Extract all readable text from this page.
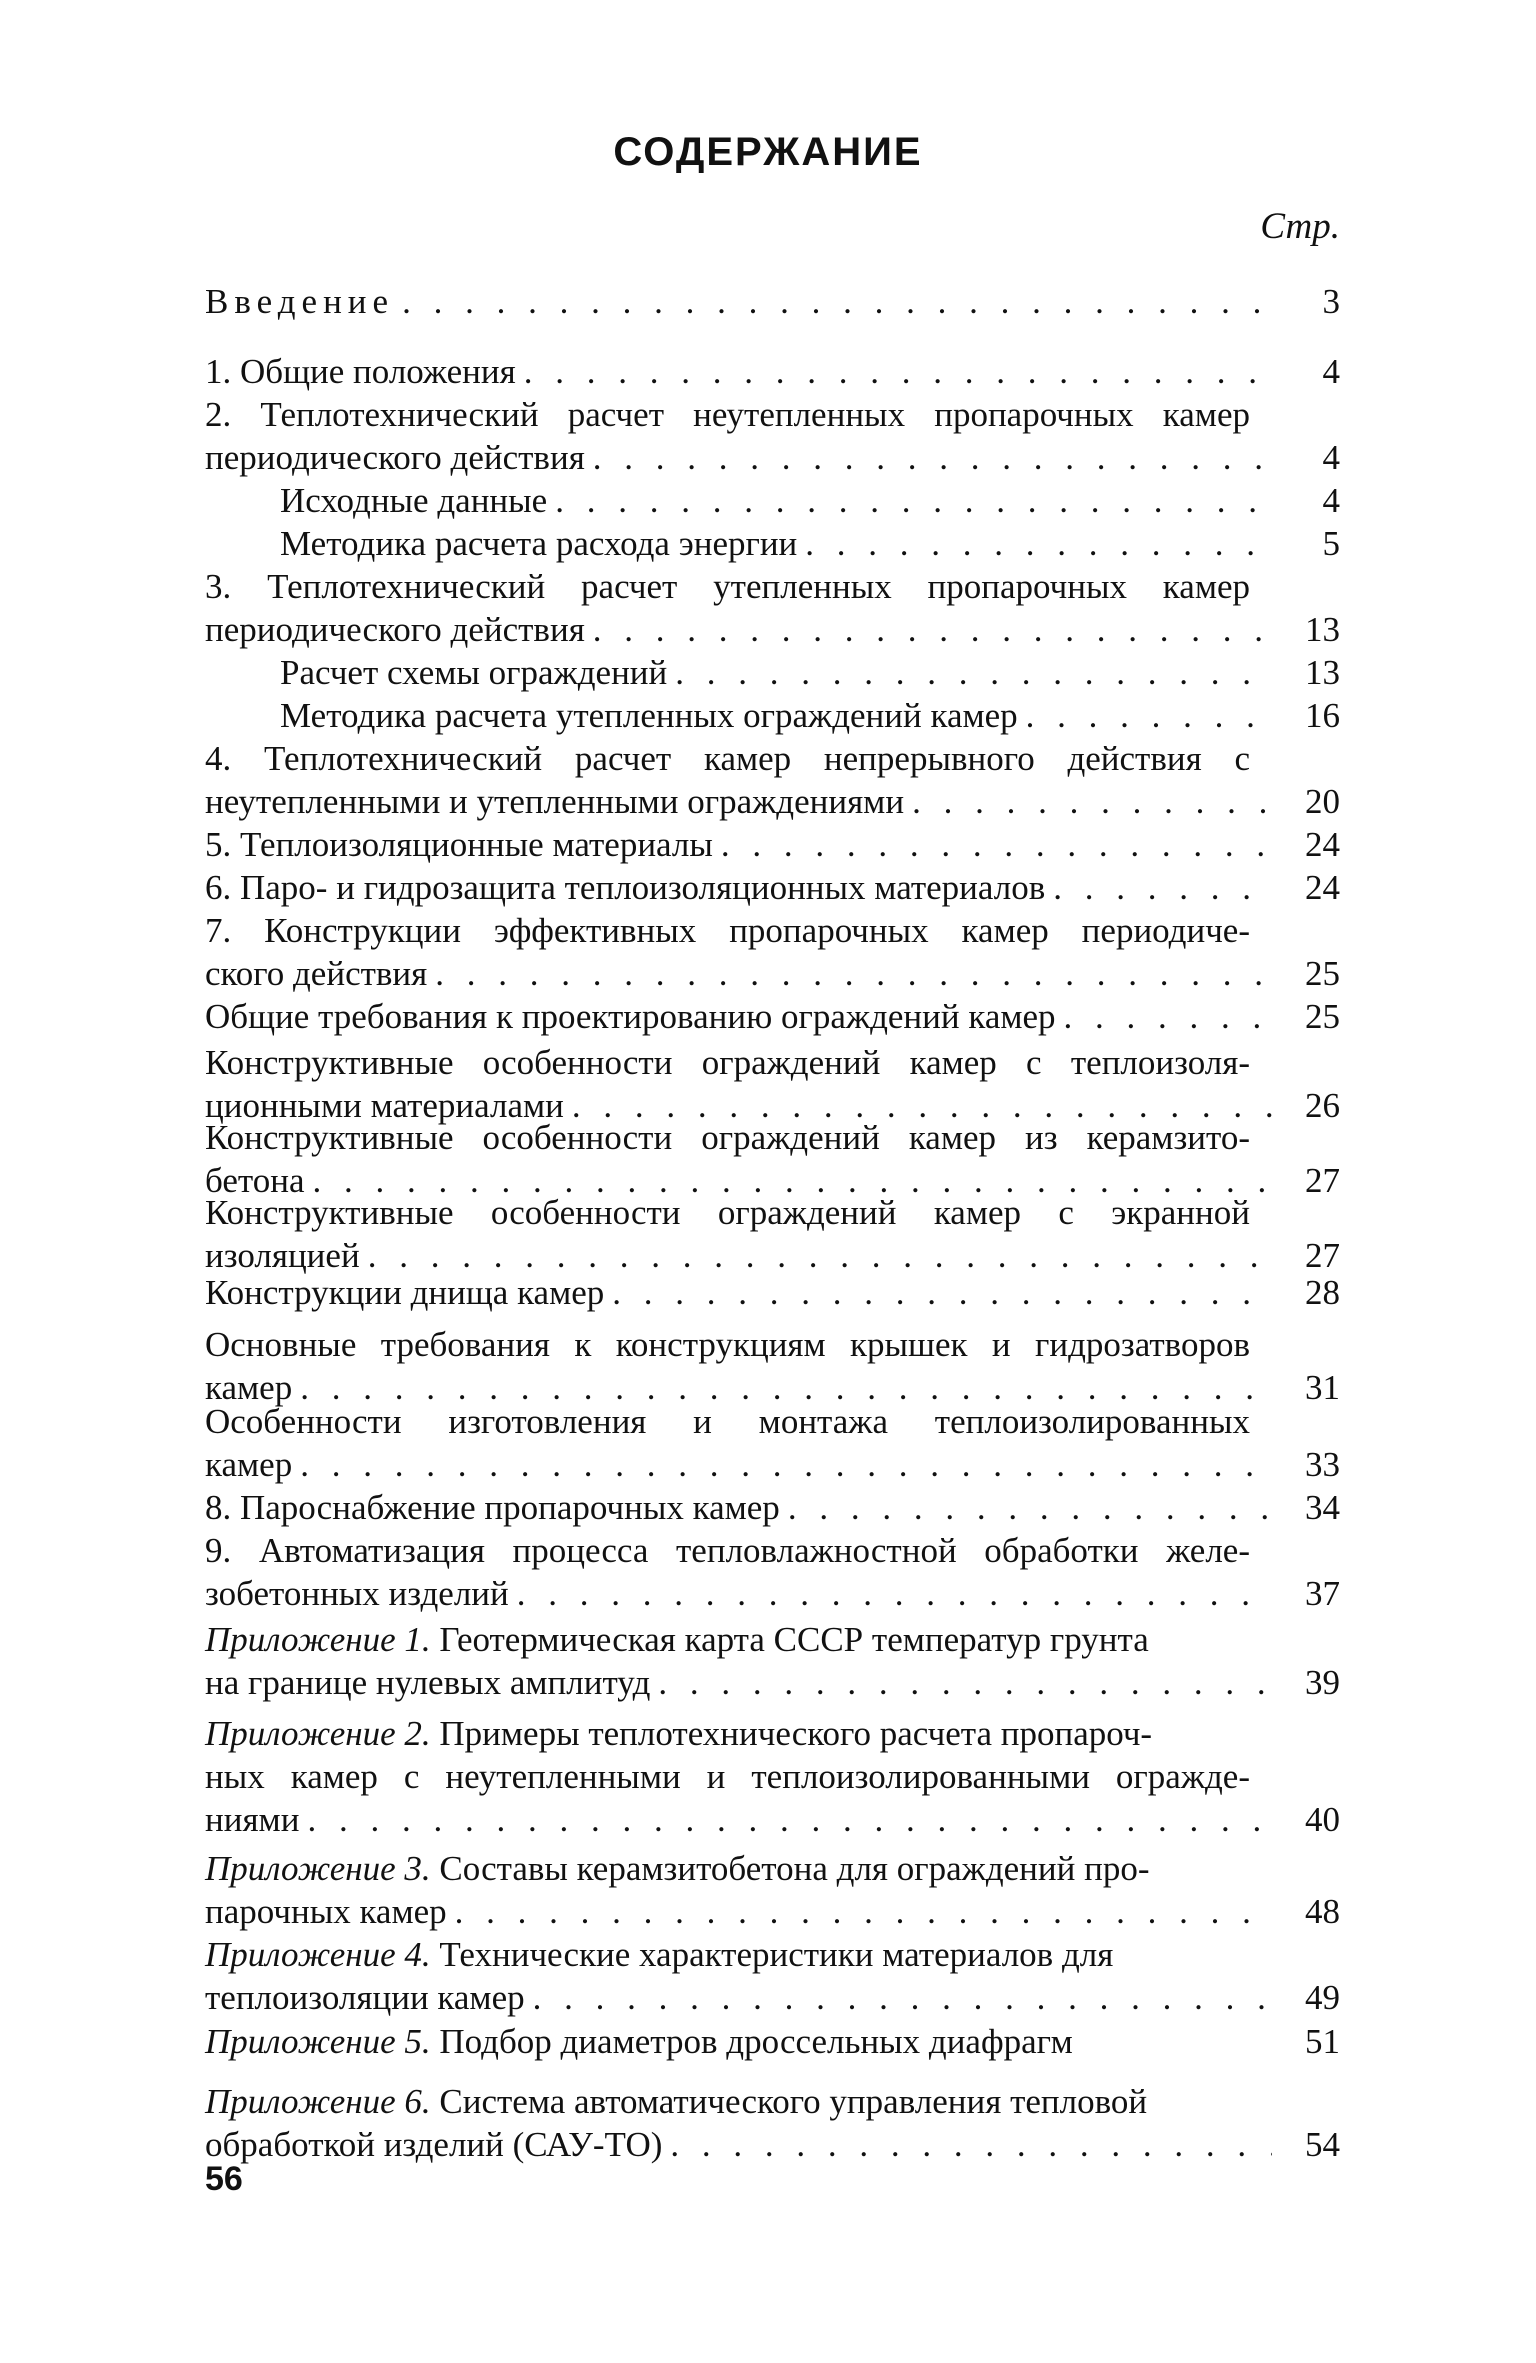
СОДЕРЖАНИЕ
Стр.
Введение . . .	3
1. Общие положения . . .	4
2. Теплотехнический расчет неутепленных пропарочных камер
периодического действия . . .	4
Исходные данные . . .	4
Методика расчета расхода энергии . . .	5
3. Теплотехнический расчет утепленных пропарочных камер
периодического действия . . .	13
Расчет схемы ограждений . . .	13
Методика расчета утепленных ограждений камер . . .	16
4. Теплотехнический расчет камер непрерывного действия с
неутепленными и утепленными ограждениями . . .	20
5. Теплоизоляционные материалы . . .	24
6. Паро- и гидрозащита теплоизоляционных материалов . . .	24
7. Конструкции эффективных пропарочных камер периодиче-
ского действия . . .	25
Общие требования к проектированию ограждений камер . . .	25
Конструктивные особенности ограждений камер с теплоизоля-
ционными материалами . . .	26
Конструктивные особенности ограждений камер из керамзито-
бетона . . .	27
Конструктивные особенности ограждений камер с экранной
изоляцией . . .	27
Конструкции днища камер . . .	28
Основные требования к конструкциям крышек и гидрозатворов
камер . . .	31
Особенности изготовления и монтажа теплоизолированных
камер . . .	33
8. Пароснабжение пропарочных камер . . .	34
9. Автоматизация процесса тепловлажностной обработки желе-
зобетонных изделий . . .	37
Приложение 1.
Геотермическая карта СССР температур грунта
на границе нулевых амплитуд . . .	39
Приложение 2.
Примеры теплотехнического расчета пропароч-
ных камер с неутепленными и теплоизолированными огражде-
ниями . . .	40
Приложение 3.
Составы керамзитобетона для ограждений про-
парочных камер . . .	48
Приложение 4.
Технические характеристики материалов для
теплоизоляции камер . . .	49
Приложение 5.
Подбор диаметров дроссельных диафрагм	51
Приложение 6.
Система автоматического управления тепловой
обработкой изделий (САУ-ТО) . . .	54
56
